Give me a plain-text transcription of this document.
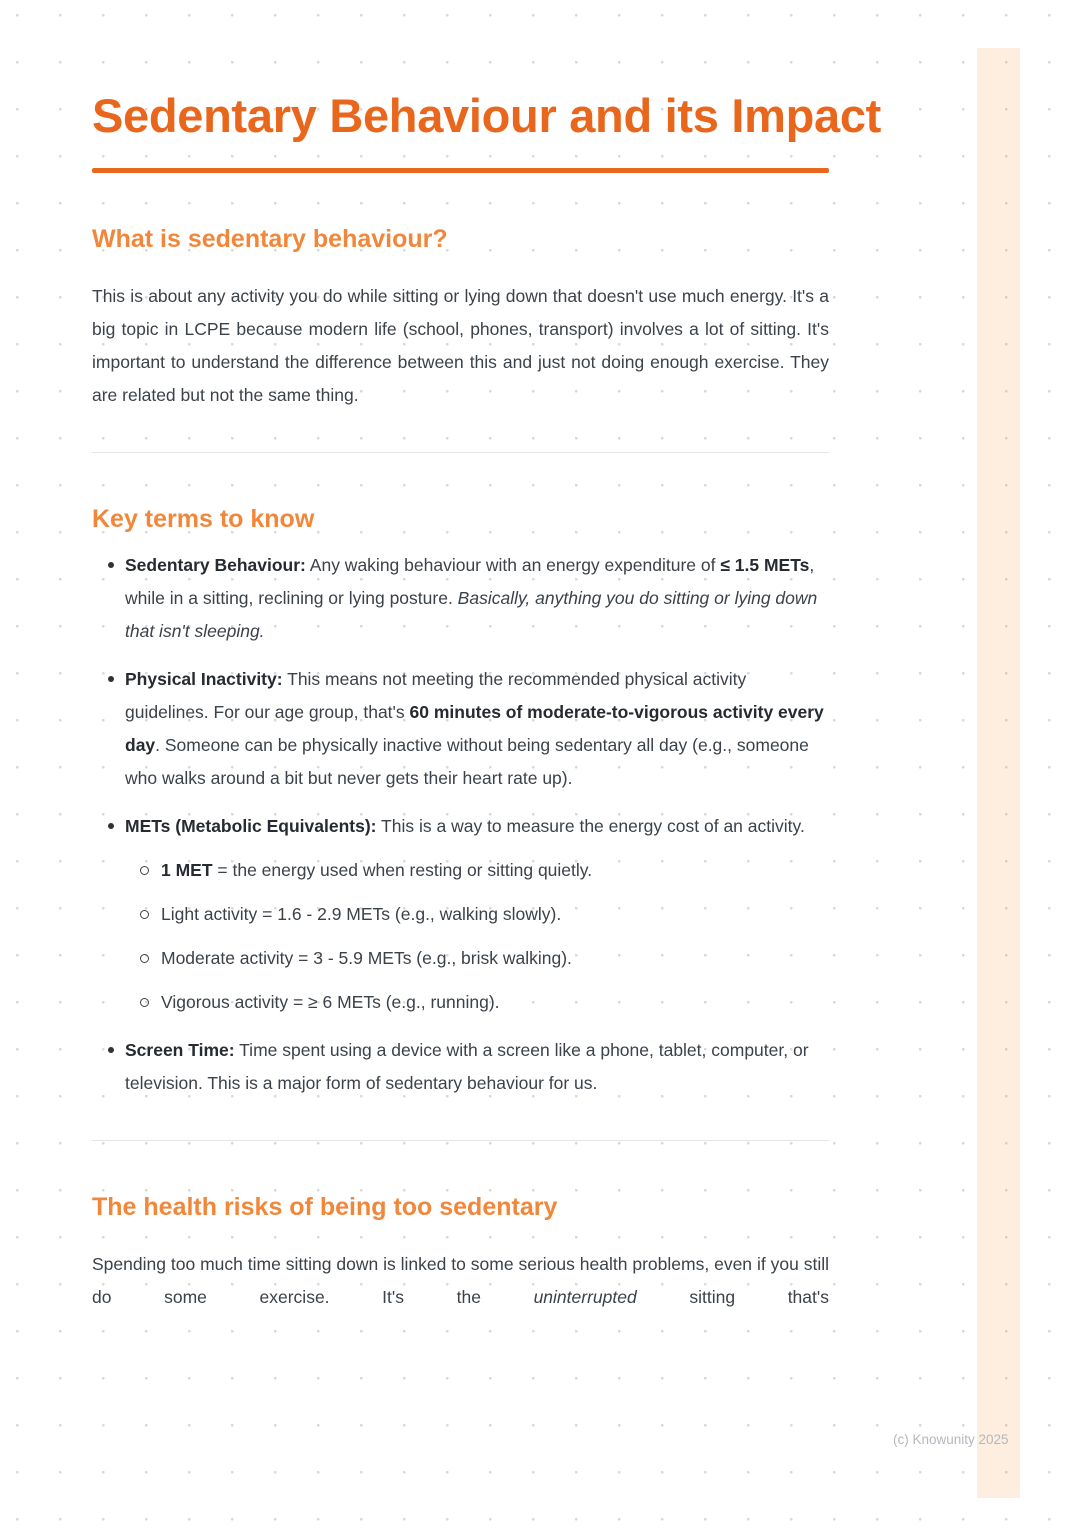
Sedentary Behaviour and its Impact
What is sedentary behaviour?

This is about any activity you do while sitting or lying down that doesn't use much energy. It's a big topic in LCPE because modern life (school, phones, transport) involves a lot of sitting. It's important to understand the difference between this and just not doing enough exercise. They are related but not the same thing.

Key terms to know
Sedentary Behaviour: Any waking behaviour with an energy expenditure of ≤ 1.5 METs, while in a sitting, reclining or lying posture. Basically, anything you do sitting or lying down that isn't sleeping.
Physical Inactivity: This means not meeting the recommended physical activity guidelines. For our age group, that's 60 minutes of moderate-to-vigorous activity every day. Someone can be physically inactive without being sedentary all day (e.g., someone who walks around a bit but never gets their heart rate up).
METs (Metabolic Equivalents): This is a way to measure the energy cost of an activity.
1 MET = the energy used when resting or sitting quietly.
Light activity = 1.6 - 2.9 METs (e.g., walking slowly).
Moderate activity = 3 - 5.9 METs (e.g., brisk walking).
Vigorous activity = ≥ 6 METs (e.g., running).
Screen Time: Time spent using a device with a screen like a phone, tablet, computer, or television. This is a major form of sedentary behaviour for us.
The health risks of being too sedentary

Spending too much time sitting down is linked to some serious health problems, even if you still do some exercise. It's the uninterrupted sitting that's

(c) Knowunity 2025
